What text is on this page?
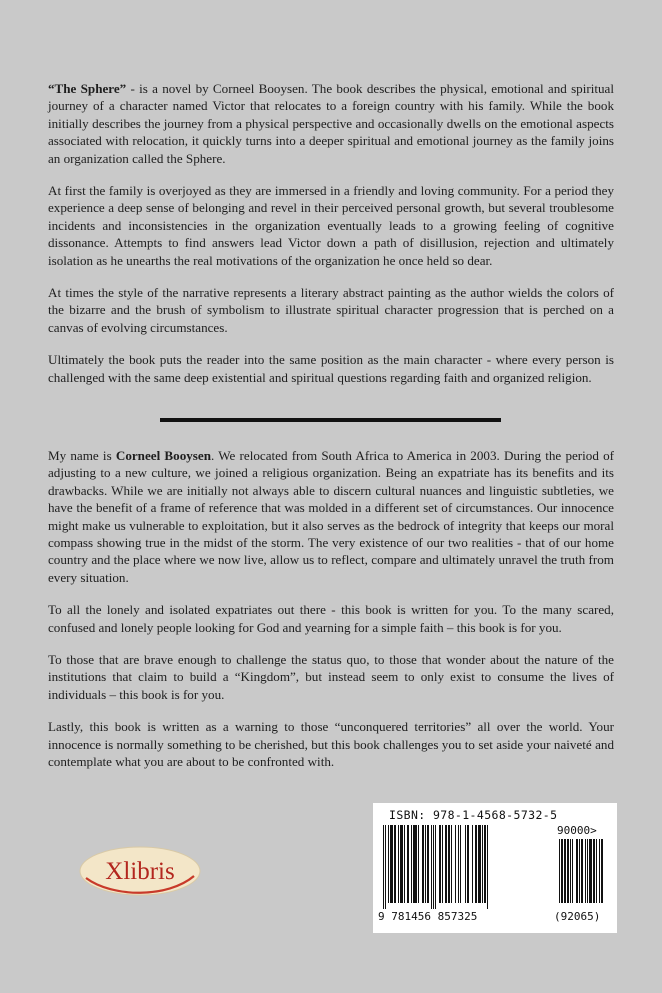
“The Sphere” - is a novel by Corneel Booysen. The book describes the physical, emotional and spiritual journey of a character named Victor that relocates to a foreign country with his family. While the book initially describes the journey from a physical perspective and occasionally dwells on the emotional aspects associated with relocation, it quickly turns into a deeper spiritual and emotional journey as the family joins an organization called the Sphere.

At first the family is overjoyed as they are immersed in a friendly and loving community. For a period they experience a deep sense of belonging and revel in their perceived personal growth, but several troublesome incidents and inconsistencies in the organization eventually leads to a growing feeling of cognitive dissonance. Attempts to find answers lead Victor down a path of disillusion, rejection and ultimately isolation as he unearths the real motivations of the organization he once held so dear.

At times the style of the narrative represents a literary abstract painting as the author wields the colors of the bizarre and the brush of symbolism to illustrate spiritual character progression that is perched on a canvas of evolving circumstances.

Ultimately the book puts the reader into the same position as the main character - where every person is challenged with the same deep existential and spiritual questions regarding faith and organized religion.

My name is Corneel Booysen. We relocated from South Africa to America in 2003. During the period of adjusting to a new culture, we joined a religious organization. Being an expatriate has its benefits and its drawbacks. While we are initially not always able to discern cultural nuances and linguistic subtleties, we have the benefit of a frame of reference that was molded in a different set of circumstances. Our innocence might make us vulnerable to exploitation, but it also serves as the bedrock of integrity that keeps our moral compass showing true in the midst of the storm. The very existence of our two realities - that of our home country and the place where we now live, allow us to reflect, compare and ultimately unravel the truth from every situation.

To all the lonely and isolated expatriates out there - this book is written for you. To the many scared, confused and lonely people looking for God and yearning for a simple faith – this book is for you.

To those that are brave enough to challenge the status quo, to those that wonder about the nature of the institutions that claim to build a “Kingdom”, but instead seem to only exist to consume the lives of individuals – this book is for you.

Lastly, this book is written as a warning to those “unconquered territories” all over the world. Your innocence is normally something to be cherished, but this book challenges you to set aside your naiveté and contemplate what you are about to be confronted with.

Xlibris
ISBN: 978-1-4568-5732-5
90000>
9 781456 857325	(92065)
